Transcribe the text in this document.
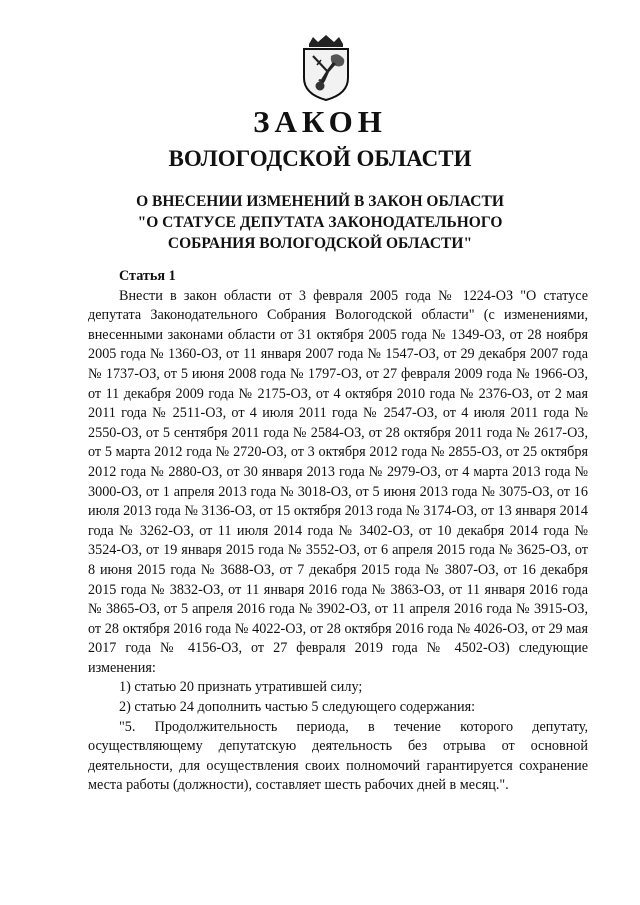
ЗАКОН
ВОЛОГОДСКОЙ ОБЛАСТИ
О ВНЕСЕНИИ ИЗМЕНЕНИЙ В ЗАКОН ОБЛАСТИ
"О СТАТУСЕ ДЕПУТАТА ЗАКОНОДАТЕЛЬНОГО
СОБРАНИЯ ВОЛОГОДСКОЙ ОБЛАСТИ"
Статья 1

Внести в закон области от 3 февраля 2005 года № 1224-ОЗ "О статусе депутата Законодательного Собрания Вологодской области" (с изменениями, внесенными законами области от 31 октября 2005 года № 1349-ОЗ, от 28 ноября 2005 года № 1360-ОЗ, от 11 января 2007 года № 1547-ОЗ, от 29 декабря 2007 года № 1737-ОЗ, от 5 июня 2008 года № 1797-ОЗ, от 27 февраля 2009 года № 1966-ОЗ, от 11 декабря 2009 года № 2175-ОЗ, от 4 октября 2010 года № 2376-ОЗ, от 2 мая 2011 года № 2511-ОЗ, от 4 июля 2011 года № 2547-ОЗ, от 4 июля 2011 года № 2550-ОЗ, от 5 сентября 2011 года № 2584-ОЗ, от 28 октября 2011 года № 2617-ОЗ, от 5 марта 2012 года № 2720-ОЗ, от 3 октября 2012 года № 2855-ОЗ, от 25 октября 2012 года № 2880-ОЗ, от 30 января 2013 года № 2979-ОЗ, от 4 марта 2013 года № 3000-ОЗ, от 1 апреля 2013 года № 3018-ОЗ, от 5 июня 2013 года № 3075-ОЗ, от 16 июля 2013 года № 3136-ОЗ, от 15 октября 2013 года № 3174-ОЗ, от 13 января 2014 года № 3262-ОЗ, от 11 июля 2014 года № 3402-ОЗ, от 10 декабря 2014 года № 3524-ОЗ, от 19 января 2015 года № 3552-ОЗ, от 6 апреля 2015 года № 3625-ОЗ, от 8 июня 2015 года № 3688-ОЗ, от 7 декабря 2015 года № 3807-ОЗ, от 16 декабря 2015 года № 3832-ОЗ, от 11 января 2016 года № 3863-ОЗ, от 11 января 2016 года № 3865-ОЗ, от 5 апреля 2016 года № 3902-ОЗ, от 11 апреля 2016 года № 3915-ОЗ, от 28 октября 2016 года № 4022-ОЗ, от 28 октября 2016 года № 4026-ОЗ, от 29 мая 2017 года № 4156-ОЗ, от 27 февраля 2019 года № 4502-ОЗ) следующие изменения:

1) статью 20 признать утратившей силу;

2) статью 24 дополнить частью 5 следующего содержания:

"5. Продолжительность периода, в течение которого депутату, осуществляющему депутатскую деятельность без отрыва от основной деятельности, для осуществления своих полномочий гарантируется сохранение места работы (должности), составляет шесть рабочих дней в месяц.".
